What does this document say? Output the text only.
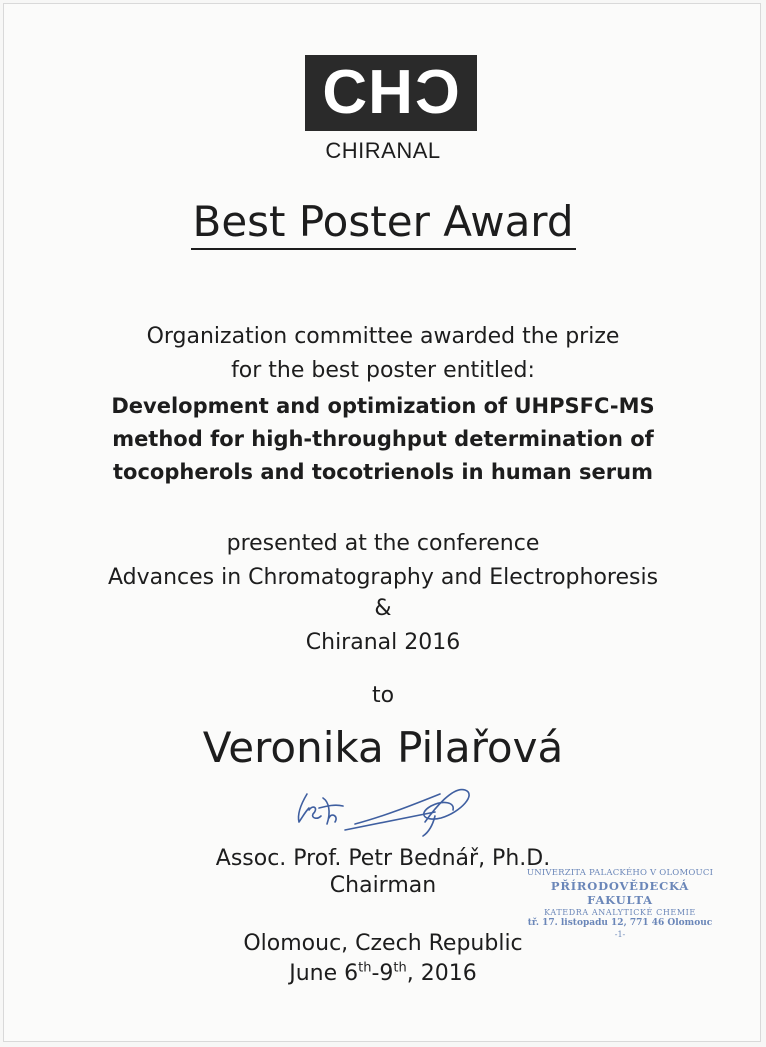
CHC
CHIRANAL
Best Poster Award
Organization committee awarded the prize
for the best poster entitled:
Development and optimization of UHPSFC-MS
method for high-throughput determination of
tocopherols and tocotrienols in human serum
presented at the conference
Advances in Chromatography and Electrophoresis
&
Chiranal 2016
to
Veronika Pilařová
Assoc. Prof. Petr Bednář, Ph.D.
Chairman	UNIVERZITA PALACKÉHO V OLOMOUCI
PŘÍRODOVĚDECKÁ FAKULTA
KATEDRA ANALYTICKÉ CHEMIE
tř. 17. listopadu 12, 771 46 Olomouc
-1-
Olomouc, Czech Republic
June 6th-9th, 2016
